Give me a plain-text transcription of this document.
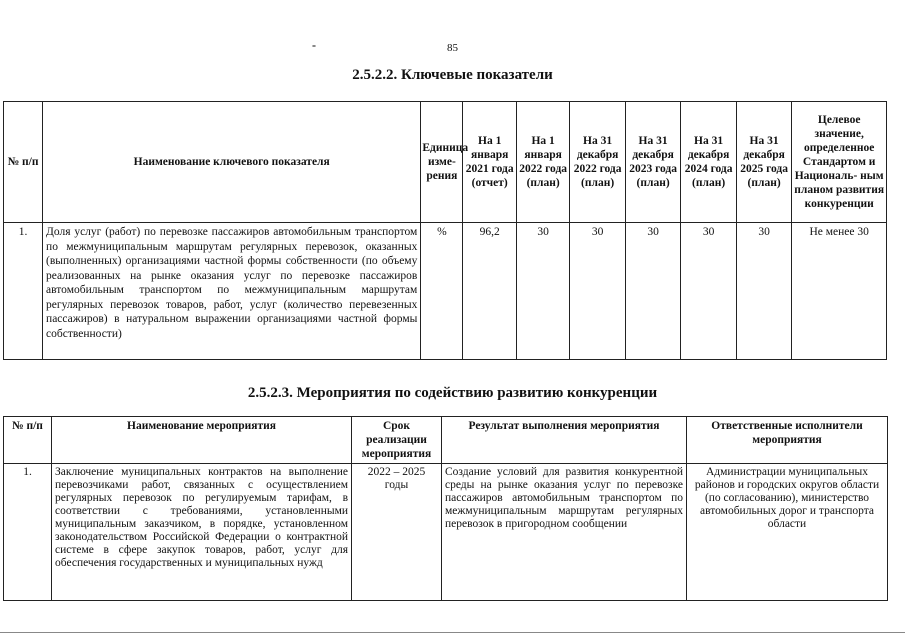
-	85
2.5.2.2. Ключевые показатели
№ п/п	Наименование ключевого показателя	Единица изме- рения	На 1 января 2021 года (отчет)	На 1 января 2022 года (план)	На 31 декабря 2022 года (план)	На 31 декабря 2023 года (план)	На 31 декабря 2024 года (план)	На 31 декабря 2025 года (план)	Целевое значение, определенное Стандартом и Националь- ным планом развития конкуренции
1.	Доля услуг (работ) по перевозке пассажиров автомобильным транспортом по межмуниципальным маршрутам регулярных перевозок, оказанных (выполненных) организациями частной формы собственности (по объему реализованных на рынке оказания услуг по перевозке пассажиров автомобильным транспортом по межмуниципальным маршрутам регулярных перевозок товаров, работ, услуг (количество перевезенных пассажиров) в натуральном выражении организациями частной формы собственности)	%	96,2	30	30	30	30	30	Не менее 30
2.5.2.3. Мероприятия по содействию развитию конкуренции
№ п/п	Наименование мероприятия	Срок реализации мероприятия	Результат выполнения мероприятия	Ответственные исполнители мероприятия
1.	Заключение муниципальных контрактов на выполнение перевозчиками работ, связанных с осуществлением регулярных перевозок по регулируемым тарифам, в соответствии с требованиями, установленными муниципальным заказчиком, в порядке, установленном законодательством Российской Федерации о контрактной системе в сфере закупок товаров, работ, услуг для обеспечения государственных и муниципальных нужд	2022 – 2025 годы	Создание условий для развития конкурентной среды на рынке оказания услуг по перевозке пассажиров автомобильным транспортом по межмуниципальным маршрутам регулярных перевозок в пригородном сообщении	Администрации муниципальных районов и городских округов области (по согласованию), министерство автомобильных дорог и транспорта области
